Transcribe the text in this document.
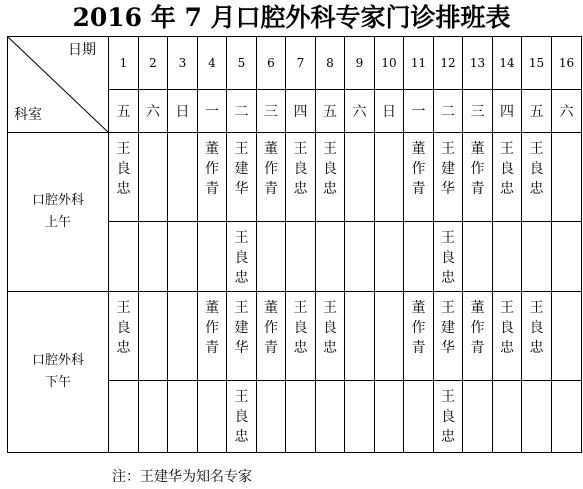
2016 年 7 月口腔外科专家门诊排班表
日期
科室	1	2	3	4	5	6	7	8	9	10	11	12	13	14	15	16
	五	六	日	一	二	三	四	五	六	日	一	二	三	四	五	六

口腔外科
上午	王
良
忠			董
作
青	王
建
华	董
作
青	王
良
忠	王
良
忠			董
作
青	王
建
华	董
作
青	王
良
忠	王
良
忠	

					王
良
忠							王
良
忠				

口腔外科
下午	王
良
忠			董
作
青	王
建
华	董
作
青	王
良
忠	王
良
忠			董
作
青	王
建
华	董
作
青	王
良
忠	王
良
忠	

					王
良
忠							王
良
忠				

注：王建华为知名专家
